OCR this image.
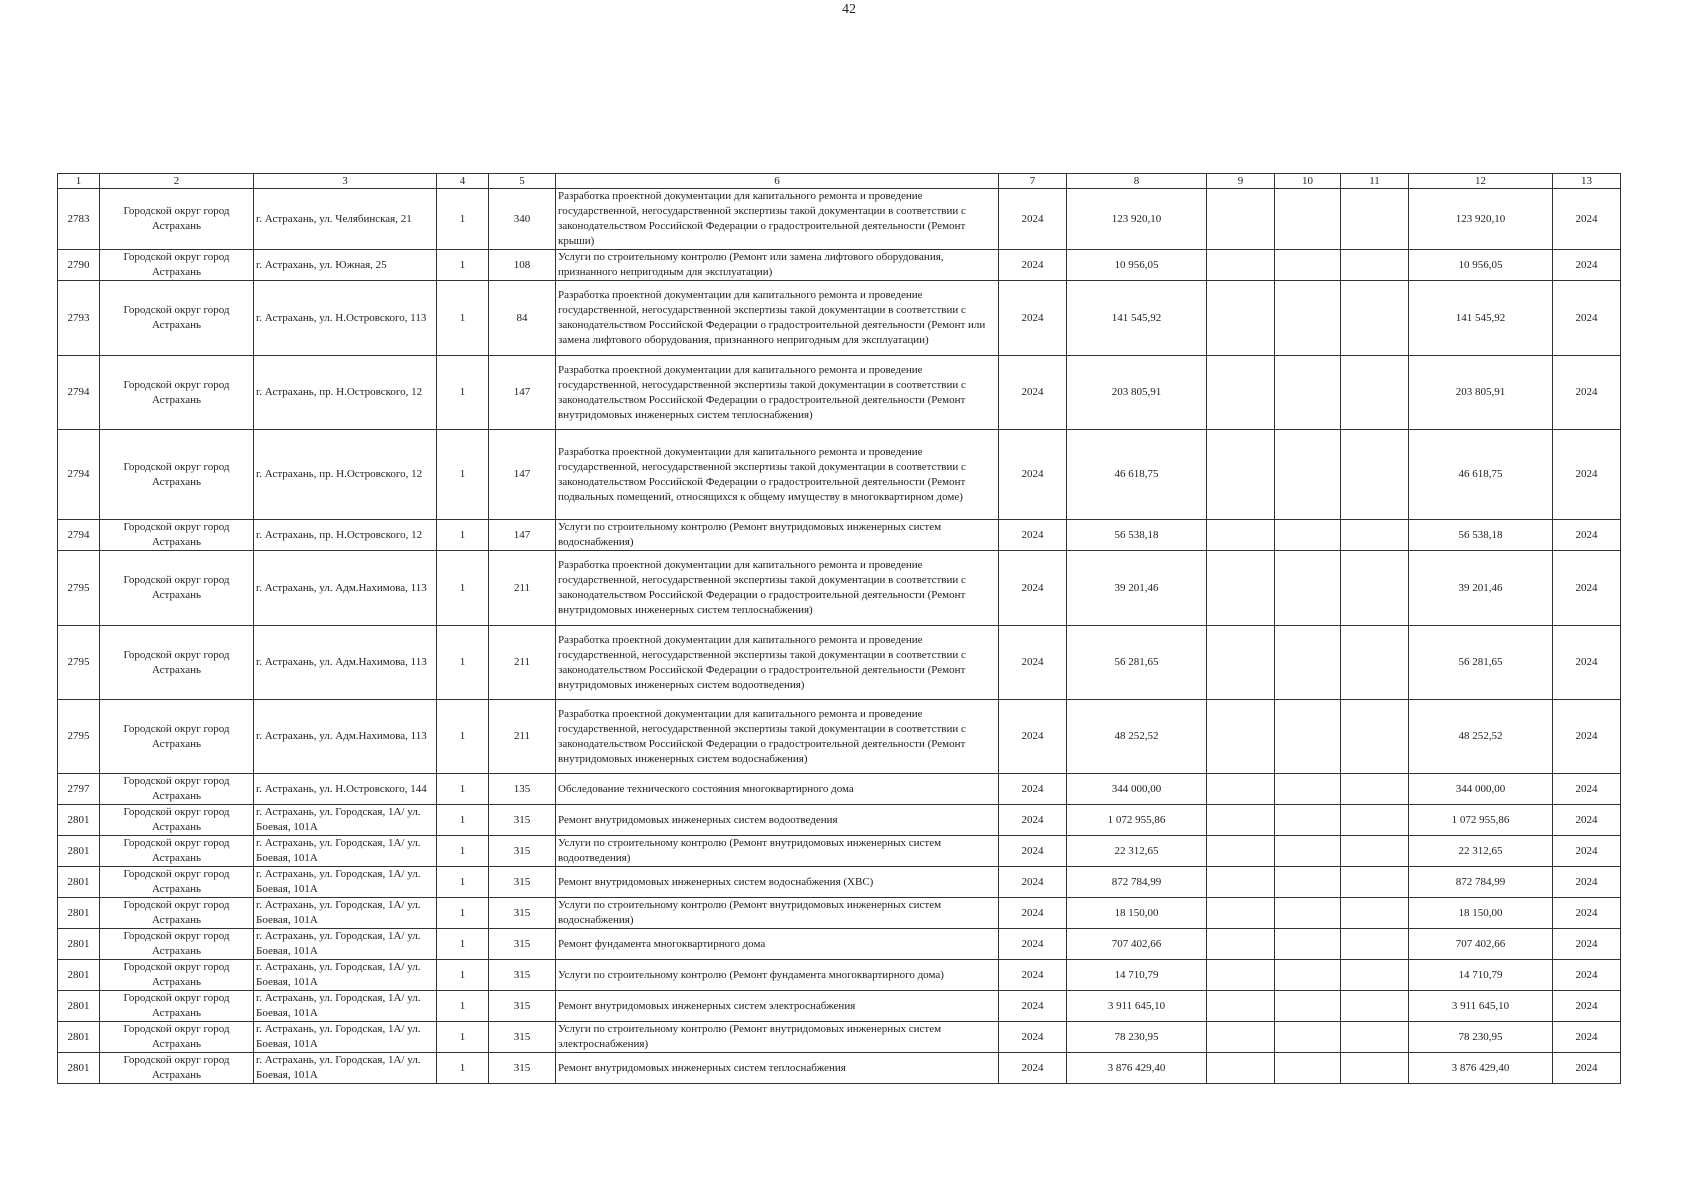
42
1	2	3	4	5	6	7	8	9	10	11	12	13
2783	Городской округ город Астрахань	г. Астрахань, ул. Челябинская, 21	1	340	Разработка проектной документации для капитального ремонта и проведение государственной, негосударственной экспертизы такой документации в соответствии с законодательством Российской Федерации о градостроительной деятельности (Ремонт крыши)	2024	123 920,10				123 920,10	2024
2790	Городской округ город Астрахань	г. Астрахань, ул. Южная, 25	1	108	Услуги по строительному контролю (Ремонт или замена лифтового оборудования, признанного непригодным для эксплуатации)	2024	10 956,05				10 956,05	2024
2793	Городской округ город Астрахань	г. Астрахань, ул. Н.Островского, 113	1	84	Разработка проектной документации для капитального ремонта и проведение государственной, негосударственной экспертизы такой документации в соответствии с законодательством Российской Федерации о градостроительной деятельности (Ремонт или замена лифтового оборудования, признанного непригодным для эксплуатации)	2024	141 545,92				141 545,92	2024
2794	Городской округ город Астрахань	г. Астрахань, пр. Н.Островского, 12	1	147	Разработка проектной документации для капитального ремонта и проведение государственной, негосударственной экспертизы такой документации в соответствии с законодательством Российской Федерации о градостроительной деятельности (Ремонт внутридомовых инженерных систем теплоснабжения)	2024	203 805,91				203 805,91	2024
2794	Городской округ город Астрахань	г. Астрахань, пр. Н.Островского, 12	1	147	Разработка проектной документации для капитального ремонта и проведение государственной, негосударственной экспертизы такой документации в соответствии с законодательством Российской Федерации о градостроительной деятельности (Ремонт подвальных помещений, относящихся к общему имуществу в многоквартирном доме)	2024	46 618,75				46 618,75	2024
2794	Городской округ город Астрахань	г. Астрахань, пр. Н.Островского, 12	1	147	Услуги по строительному контролю (Ремонт внутридомовых инженерных систем водоснабжения)	2024	56 538,18				56 538,18	2024
2795	Городской округ город Астрахань	г. Астрахань, ул. Адм.Нахимова, 113	1	211	Разработка проектной документации для капитального ремонта и проведение государственной, негосударственной экспертизы такой документации в соответствии с законодательством Российской Федерации о градостроительной деятельности (Ремонт внутридомовых инженерных систем теплоснабжения)	2024	39 201,46				39 201,46	2024
2795	Городской округ город Астрахань	г. Астрахань, ул. Адм.Нахимова, 113	1	211	Разработка проектной документации для капитального ремонта и проведение государственной, негосударственной экспертизы такой документации в соответствии с законодательством Российской Федерации о градостроительной деятельности (Ремонт внутридомовых инженерных систем водоотведения)	2024	56 281,65				56 281,65	2024
2795	Городской округ город Астрахань	г. Астрахань, ул. Адм.Нахимова, 113	1	211	Разработка проектной документации для капитального ремонта и проведение государственной, негосударственной экспертизы такой документации в соответствии с законодательством Российской Федерации о градостроительной деятельности (Ремонт внутридомовых инженерных систем водоснабжения)	2024	48 252,52				48 252,52	2024
2797	Городской округ город Астрахань	г. Астрахань, ул. Н.Островского, 144	1	135	Обследование технического состояния многоквартирного дома	2024	344 000,00				344 000,00	2024
2801	Городской округ город Астрахань	г. Астрахань, ул. Городская, 1А/ ул. Боевая, 101А	1	315	Ремонт внутридомовых инженерных систем водоотведения	2024	1 072 955,86				1 072 955,86	2024
2801	Городской округ город Астрахань	г. Астрахань, ул. Городская, 1А/ ул. Боевая, 101А	1	315	Услуги по строительному контролю (Ремонт внутридомовых инженерных систем водоотведения)	2024	22 312,65				22 312,65	2024
2801	Городской округ город Астрахань	г. Астрахань, ул. Городская, 1А/ ул. Боевая, 101А	1	315	Ремонт внутридомовых инженерных систем водоснабжения (ХВС)	2024	872 784,99				872 784,99	2024
2801	Городской округ город Астрахань	г. Астрахань, ул. Городская, 1А/ ул. Боевая, 101А	1	315	Услуги по строительному контролю (Ремонт внутридомовых инженерных систем водоснабжения)	2024	18 150,00				18 150,00	2024
2801	Городской округ город Астрахань	г. Астрахань, ул. Городская, 1А/ ул. Боевая, 101А	1	315	Ремонт фундамента многоквартирного дома	2024	707 402,66				707 402,66	2024
2801	Городской округ город Астрахань	г. Астрахань, ул. Городская, 1А/ ул. Боевая, 101А	1	315	Услуги по строительному контролю (Ремонт фундамента многоквартирного дома)	2024	14 710,79				14 710,79	2024
2801	Городской округ город Астрахань	г. Астрахань, ул. Городская, 1А/ ул. Боевая, 101А	1	315	Ремонт внутридомовых инженерных систем электроснабжения	2024	3 911 645,10				3 911 645,10	2024
2801	Городской округ город Астрахань	г. Астрахань, ул. Городская, 1А/ ул. Боевая, 101А	1	315	Услуги по строительному контролю (Ремонт внутридомовых инженерных систем электроснабжения)	2024	78 230,95				78 230,95	2024
2801	Городской округ город Астрахань	г. Астрахань, ул. Городская, 1А/ ул. Боевая, 101А	1	315	Ремонт внутридомовых инженерных систем теплоснабжения	2024	3 876 429,40				3 876 429,40	2024
